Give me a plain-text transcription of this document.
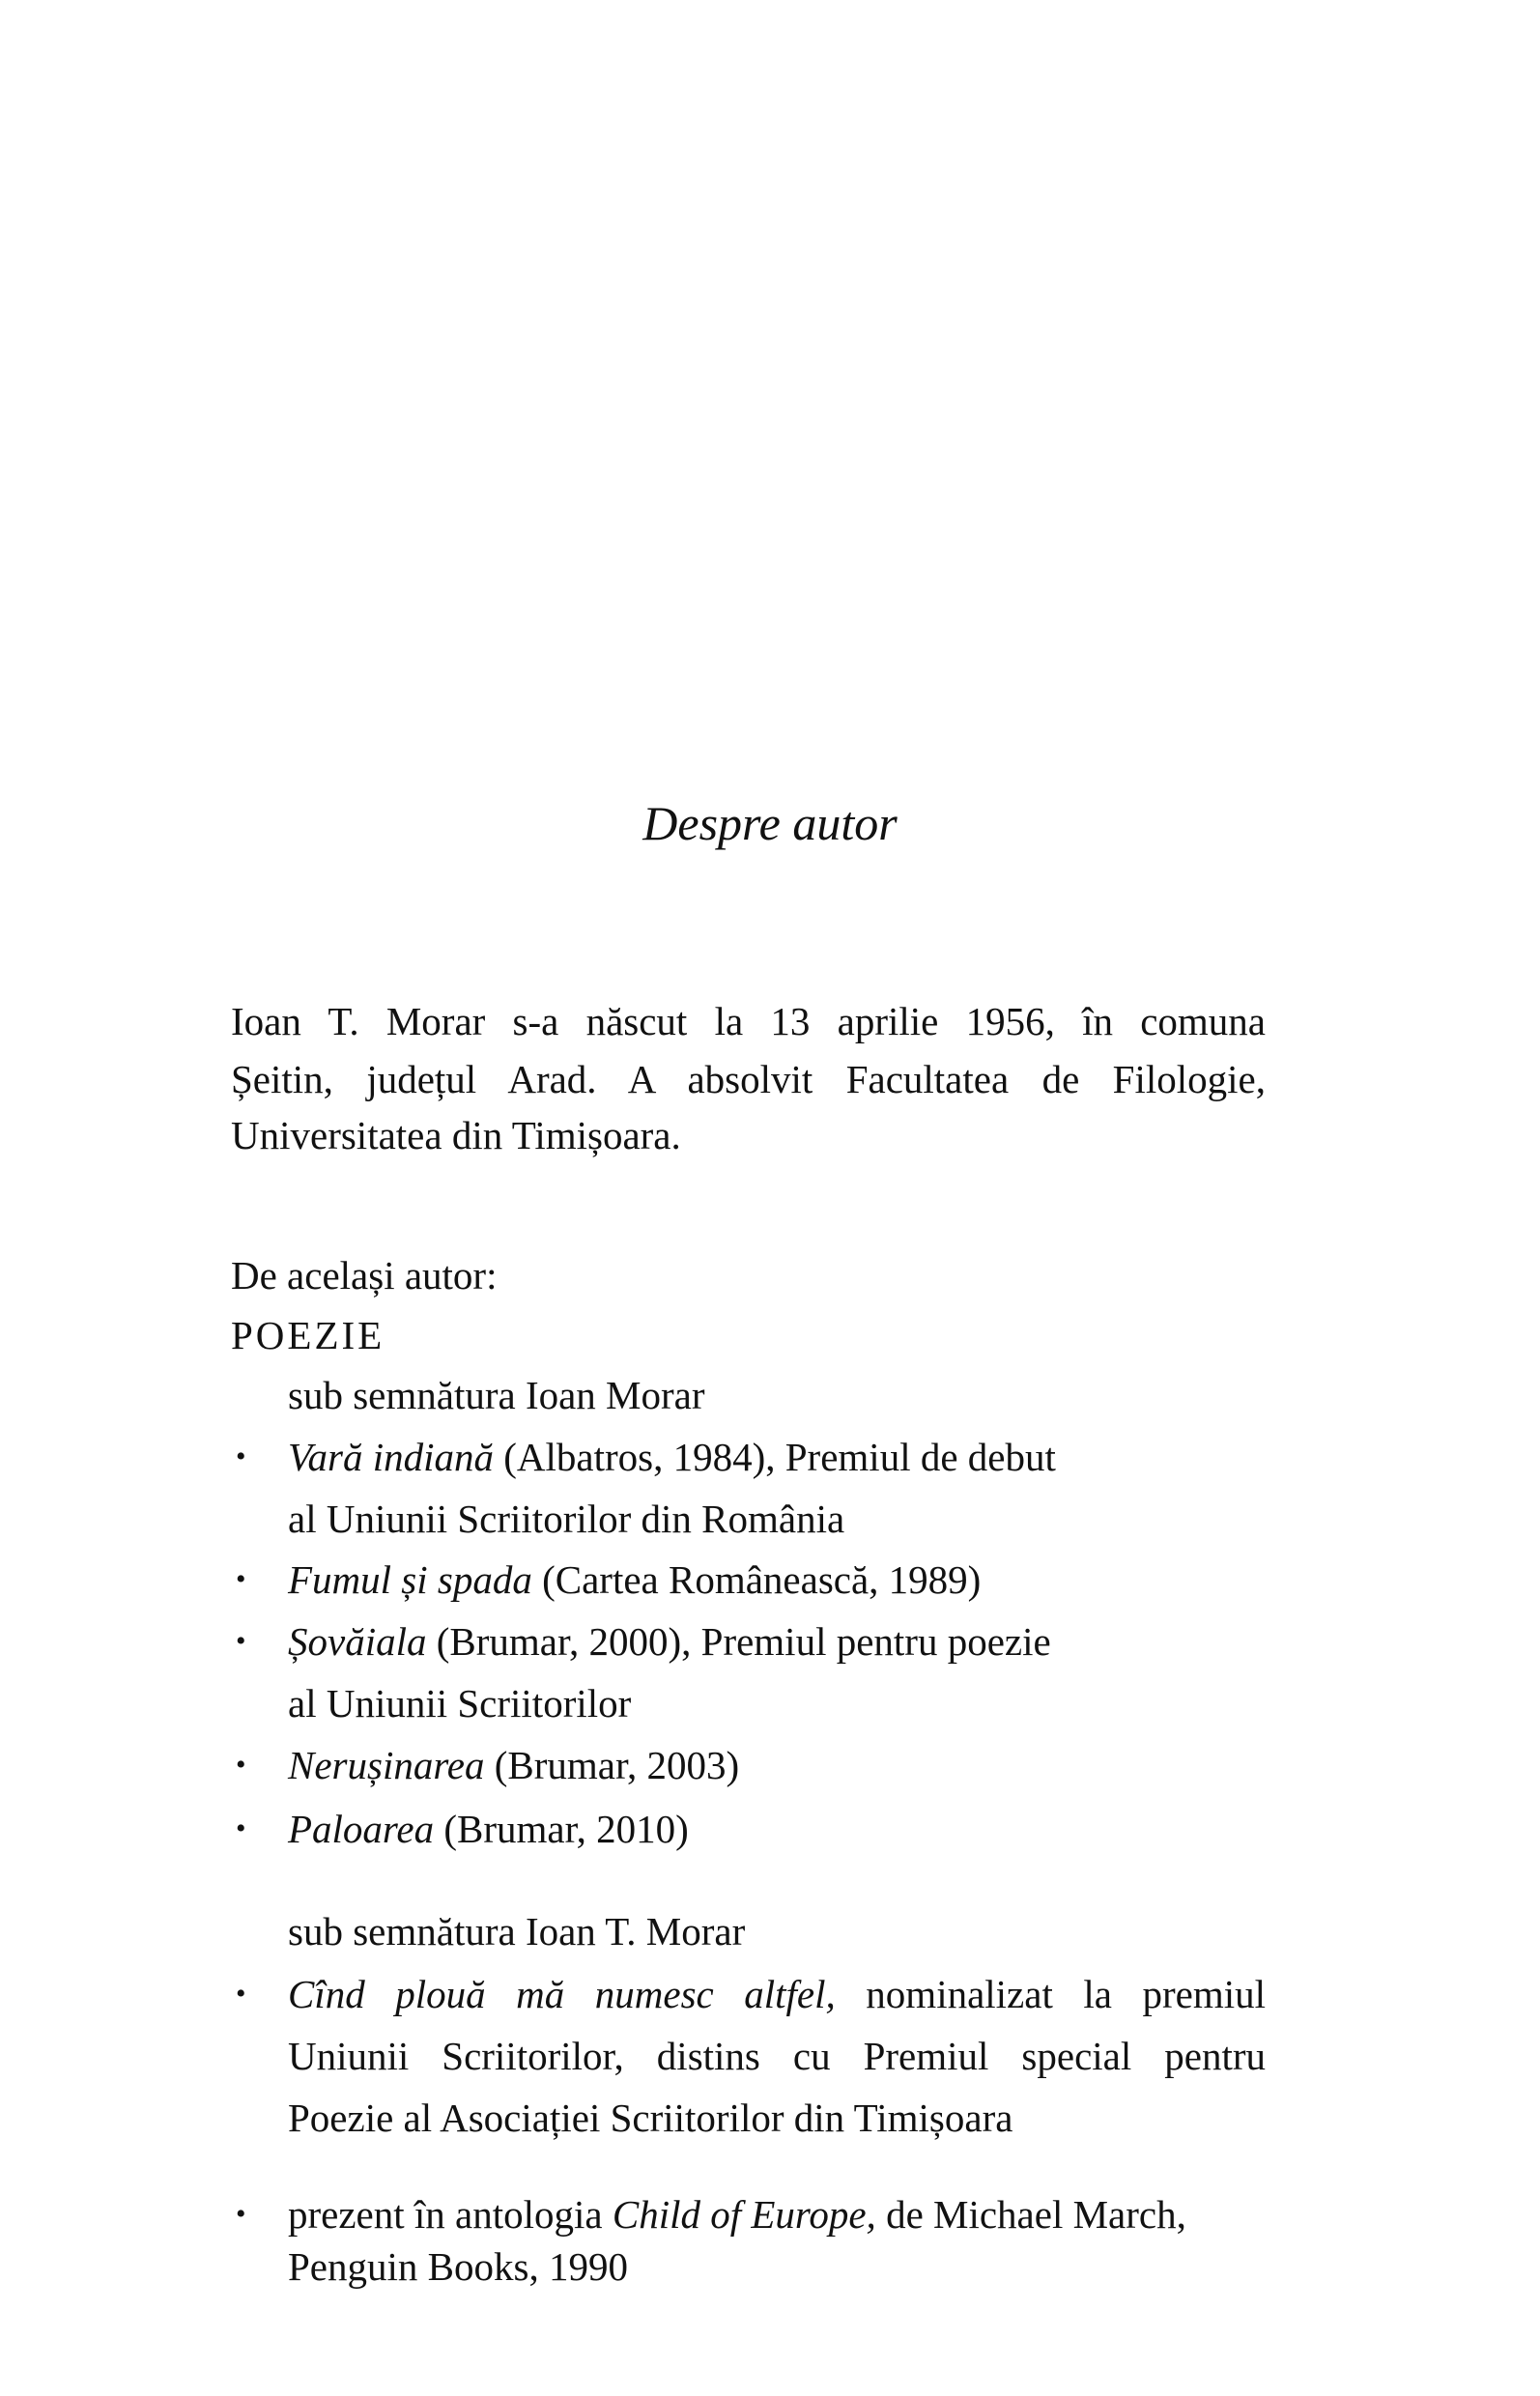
Despre autor
Ioan T. Morar s-a născut la 13 aprilie 1956, în comuna
Șeitin, județul Arad. A absolvit Facultatea de Filologie,
Universitatea din Timișoara.
De același autor:
POEZIE
sub semnătura Ioan Morar
• Vară indiană (Albatros, 1984), Premiul de debut
al Uniunii Scriitorilor din România
• Fumul și spada (Cartea Românească, 1989)
• Șovăiala (Brumar, 2000), Premiul pentru poezie
al Uniunii Scriitorilor
• Nerușinarea (Brumar, 2003)
• Paloarea (Brumar, 2010)
sub semnătura Ioan T. Morar
• Cînd plouă mă numesc altfel, nominalizat la premiul
Uniunii Scriitorilor, distins cu Premiul special pentru
Poezie al Asociației Scriitorilor din Timișoara
• prezent în antologia Child of Europe, de Michael March,
Penguin Books, 1990
